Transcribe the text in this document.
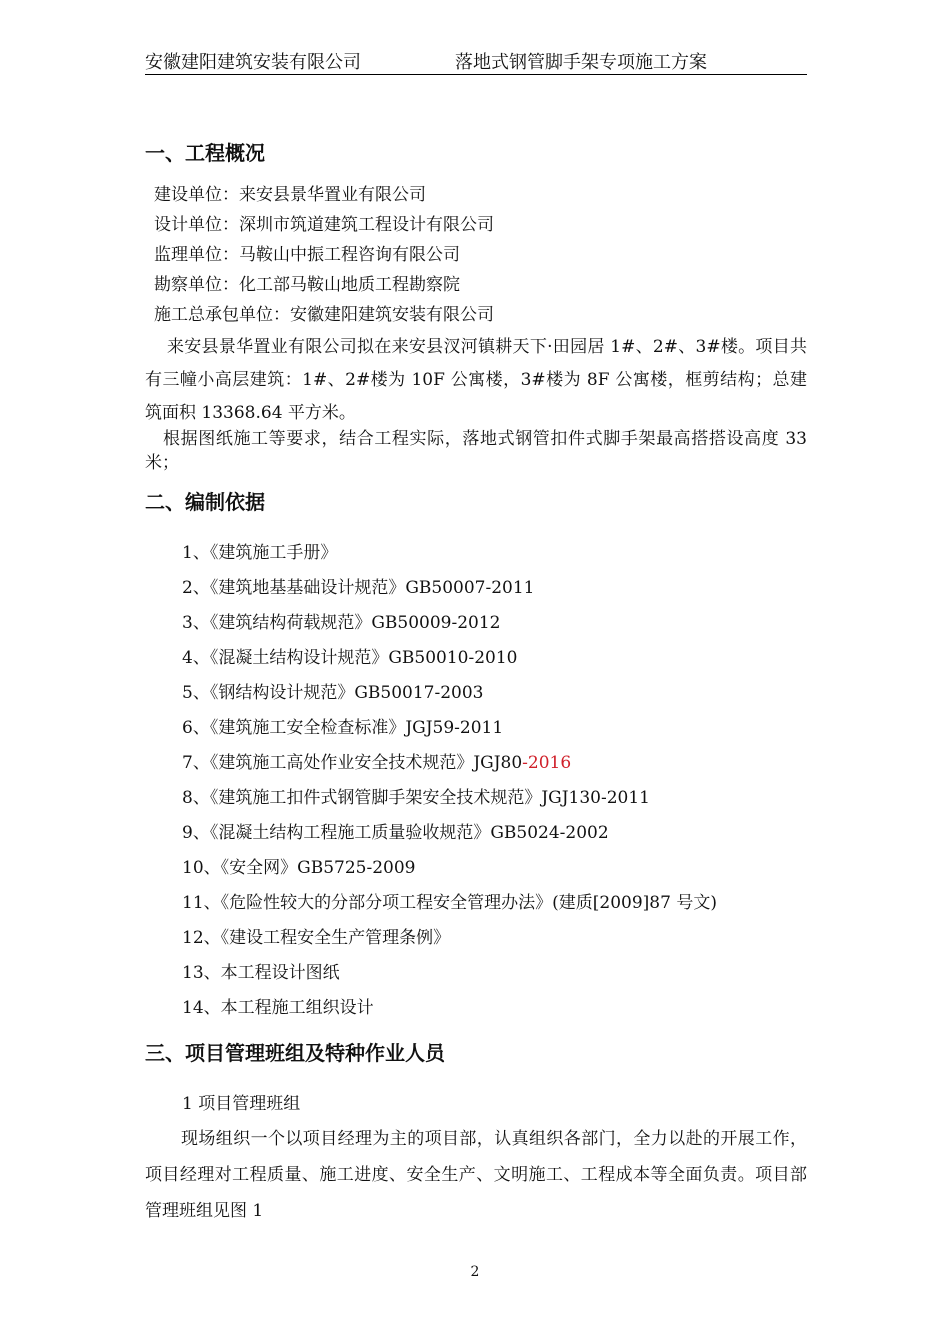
安徽建阳建筑安装有限公司	落地式钢管脚手架专项施工方案
一、工程概况
建设单位：来安县景华置业有限公司
设计单位：深圳市筑道建筑工程设计有限公司
监理单位：马鞍山中振工程咨询有限公司
勘察单位：化工部马鞍山地质工程勘察院
施工总承包单位：安徽建阳建筑安装有限公司
来安县景华置业有限公司拟在来安县汊河镇耕天下·田园居 1#、2#、3#楼。项目共有三幢小高层建筑：1#、2#楼为 10F 公寓楼，3#楼为 8F 公寓楼，框剪结构；总建筑面积 13368.64 平方米。
根据图纸施工等要求，结合工程实际，落地式钢管扣件式脚手架最高搭搭设高度 33 米；
二、编制依据
1、《建筑施工手册》
2、《建筑地基基础设计规范》GB50007-2011
3、《建筑结构荷载规范》GB50009-2012
4、《混凝土结构设计规范》GB50010-2010
5、《钢结构设计规范》GB50017-2003
6、《建筑施工安全检查标准》JGJ59-2011
7、《建筑施工高处作业安全技术规范》JGJ80-2016
8、《建筑施工扣件式钢管脚手架安全技术规范》JGJ130-2011
9、《混凝土结构工程施工质量验收规范》GB5024-2002
10、《安全网》GB5725-2009
11、《危险性较大的分部分项工程安全管理办法》(建质[2009]87 号文)
12、《建设工程安全生产管理条例》
13、本工程设计图纸
14、本工程施工组织设计
三、项目管理班组及特种作业人员
1 项目管理班组
现场组织一个以项目经理为主的项目部，认真组织各部门，全力以赴的开展工作，项目经理对工程质量、施工进度、安全生产、文明施工、工程成本等全面负责。项目部管理班组见图 1
2
